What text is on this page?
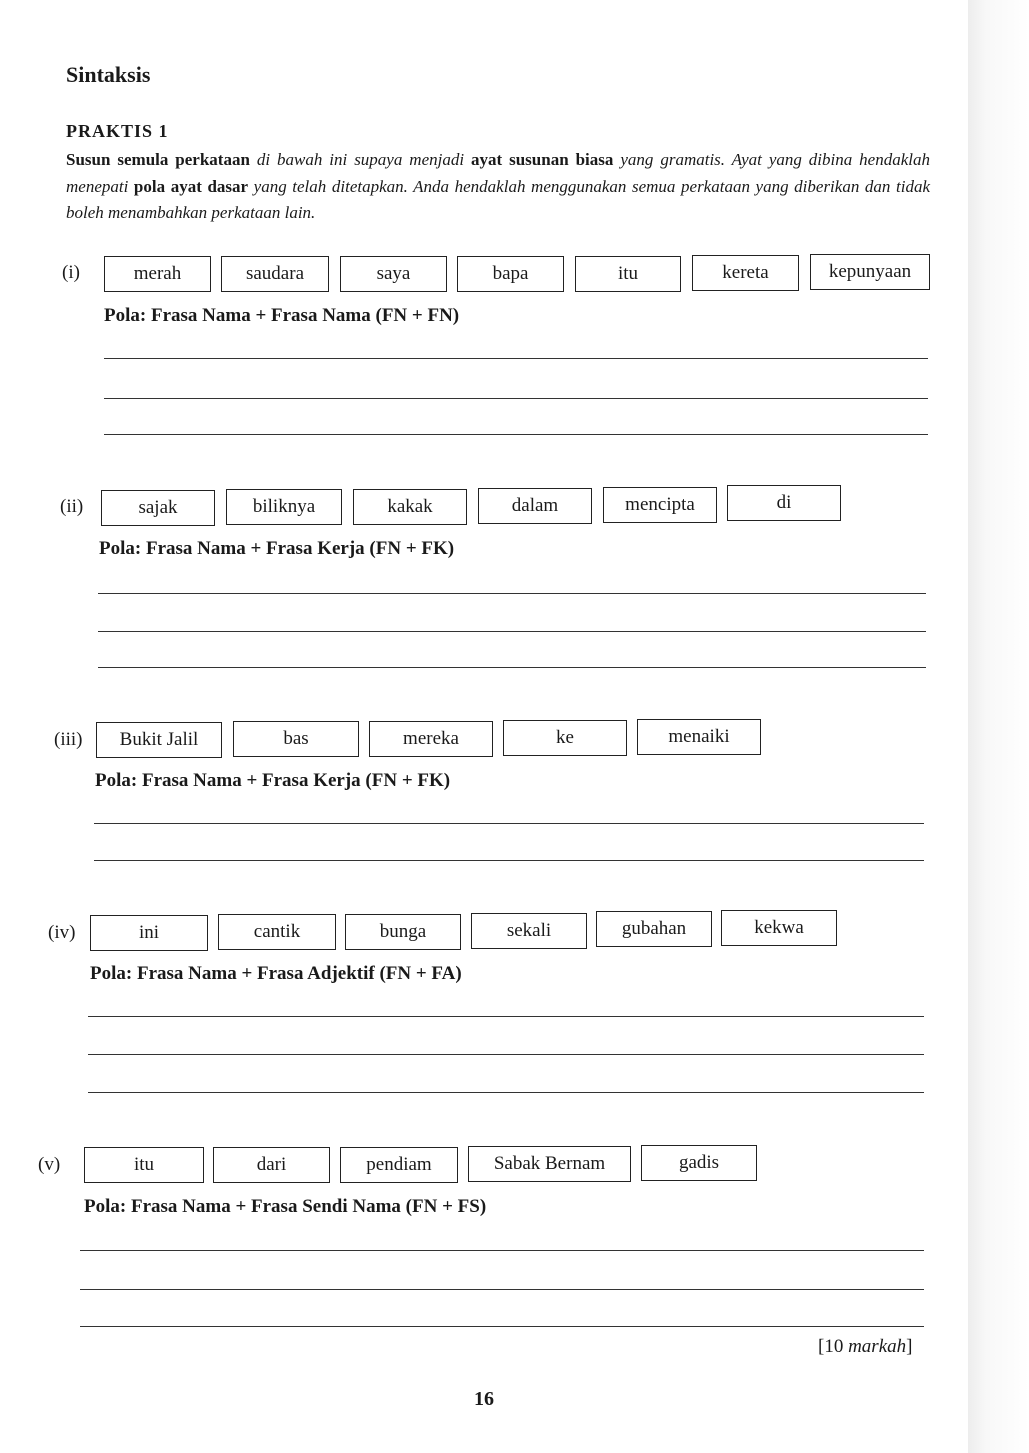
Sintaksis
PRAKTIS 1

Susun semula perkataan di bawah ini supaya menjadi ayat susunan biasa yang gramatis. Ayat yang dibina hendaklah menepati pola ayat dasar yang telah ditetapkan. Anda hendaklah menggunakan semua perkataan yang diberikan dan tidak boleh menambahkan perkataan lain.

(i)	merah	saudara	saya	bapa	itu	kereta	kepunyaan

Pola: Frasa Nama + Frasa Nama (FN + FN)

(ii)	sajak	biliknya	kakak	dalam	mencipta	di

Pola: Frasa Nama + Frasa Kerja (FN + FK)

(iii)	Bukit Jalil	bas	mereka	ke	menaiki

Pola: Frasa Nama + Frasa Kerja (FN + FK)

(iv)	ini	cantik	bunga	sekali	gubahan	kekwa

Pola: Frasa Nama + Frasa Adjektif (FN + FA)

(v)	itu	dari	pendiam	Sabak Bernam	gadis

Pola: Frasa Nama + Frasa Sendi Nama (FN + FS)

[10 markah]
16
